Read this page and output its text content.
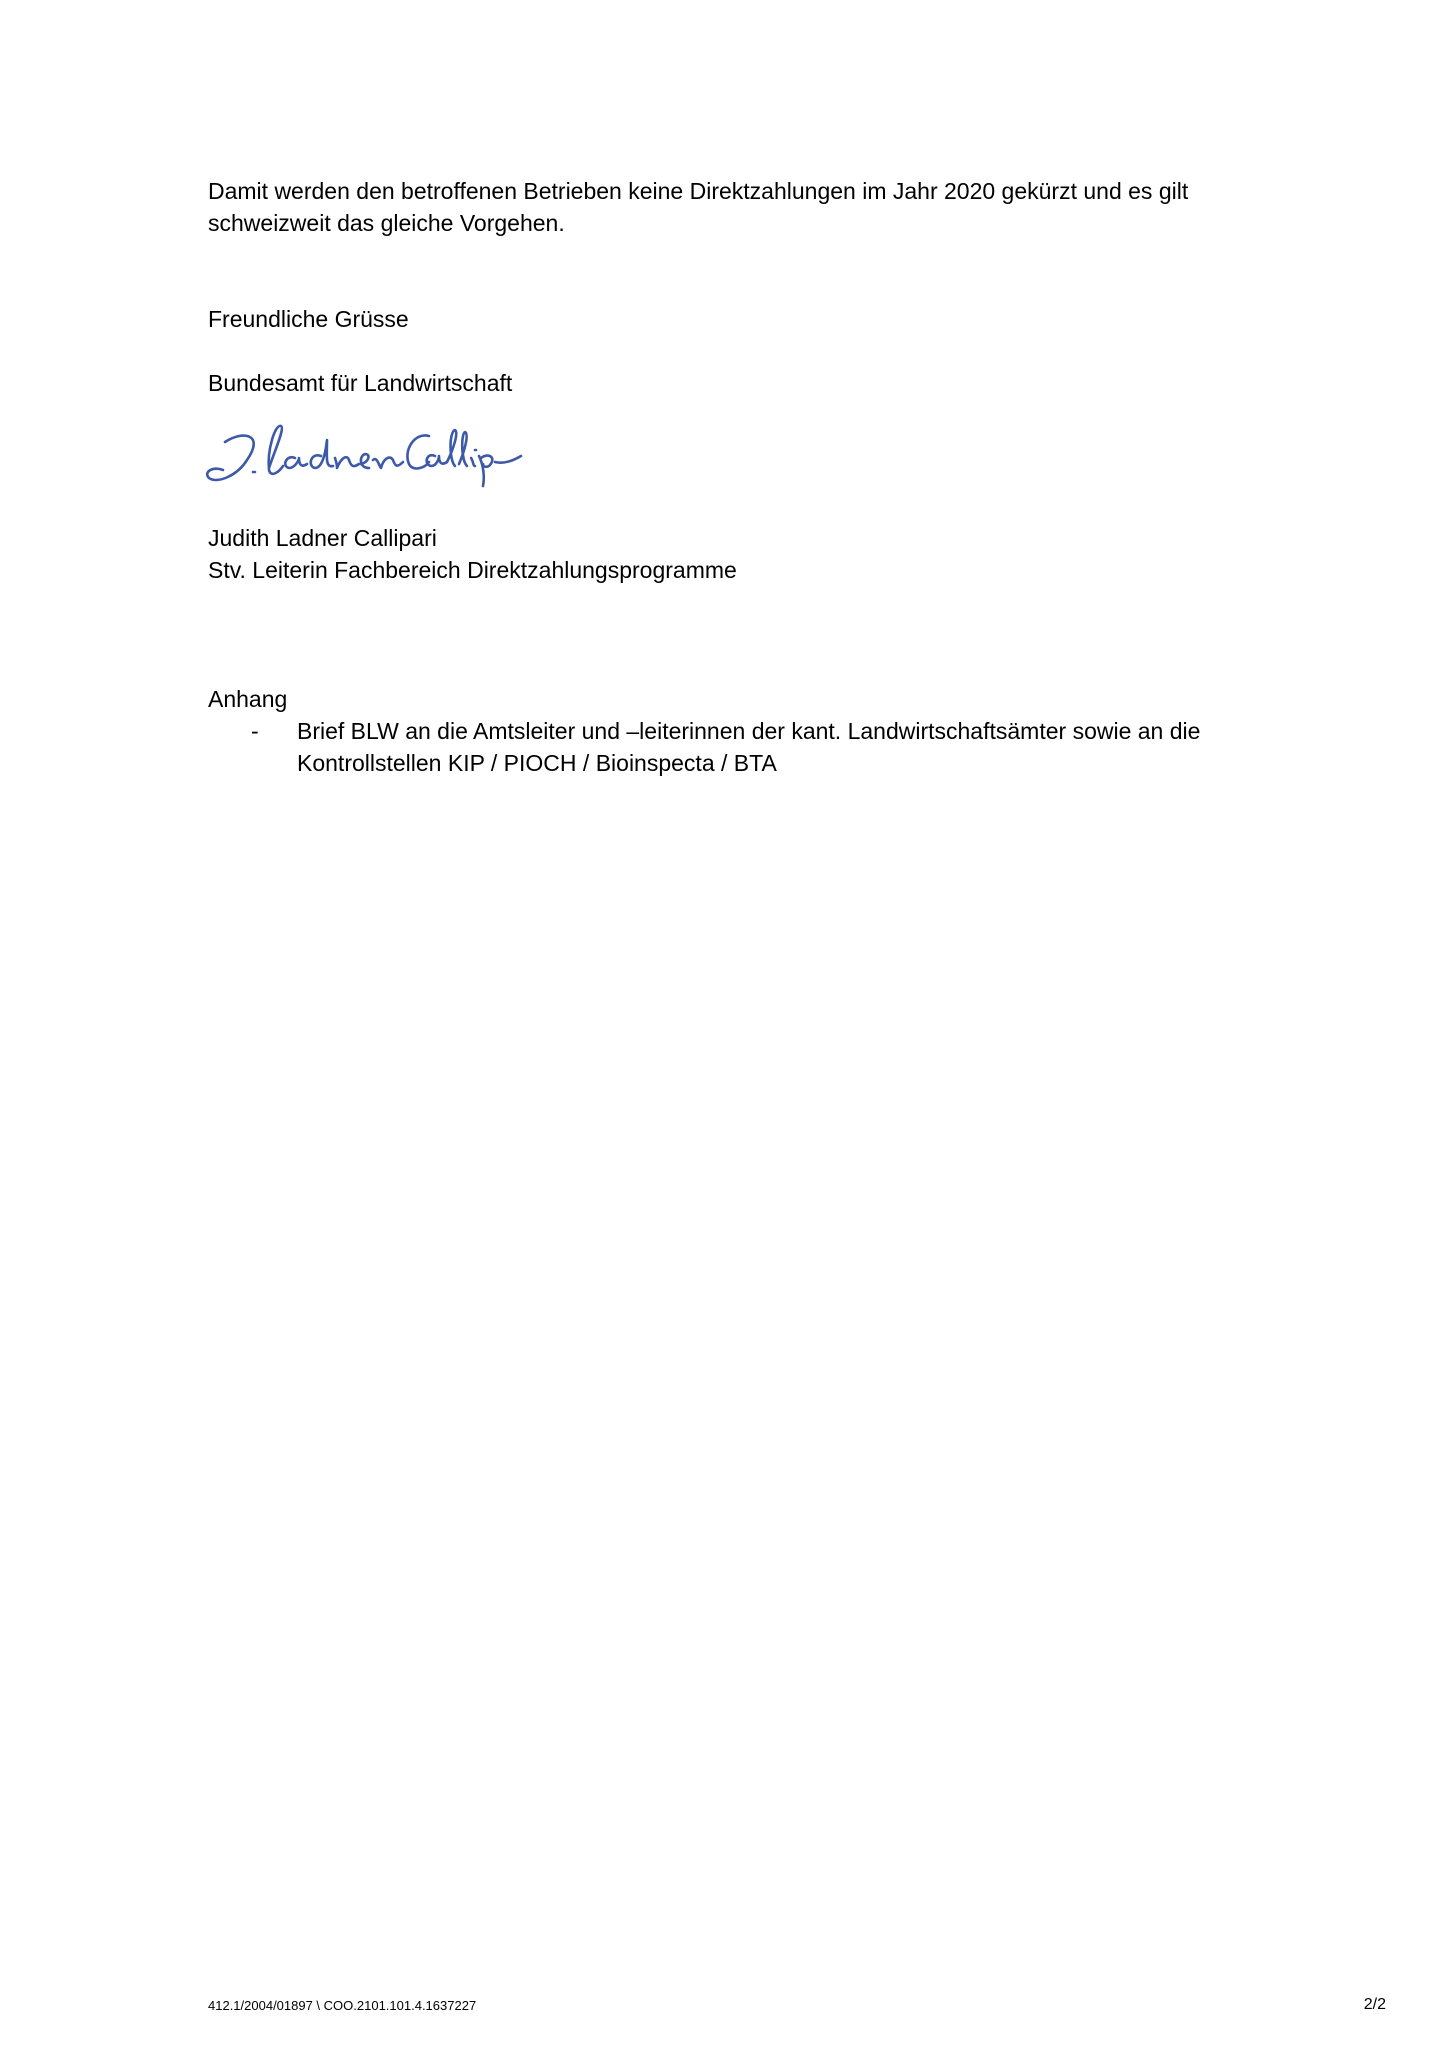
Damit werden den betroffenen Betrieben keine Direktzahlungen im Jahr 2020 gekürzt und es gilt
schweizweit das gleiche Vorgehen.
Freundliche Grüsse
Bundesamt für Landwirtschaft
Judith Ladner Callipari
Stv. Leiterin Fachbereich Direktzahlungsprogramme
Anhang
- Brief BLW an die Amtsleiter und –leiterinnen der kant. Landwirtschaftsämter sowie an die
Kontrollstellen KIP / PIOCH / Bioinspecta / BTA
412.1/2004/01897 \ COO.2101.101.4.1637227	2/2
